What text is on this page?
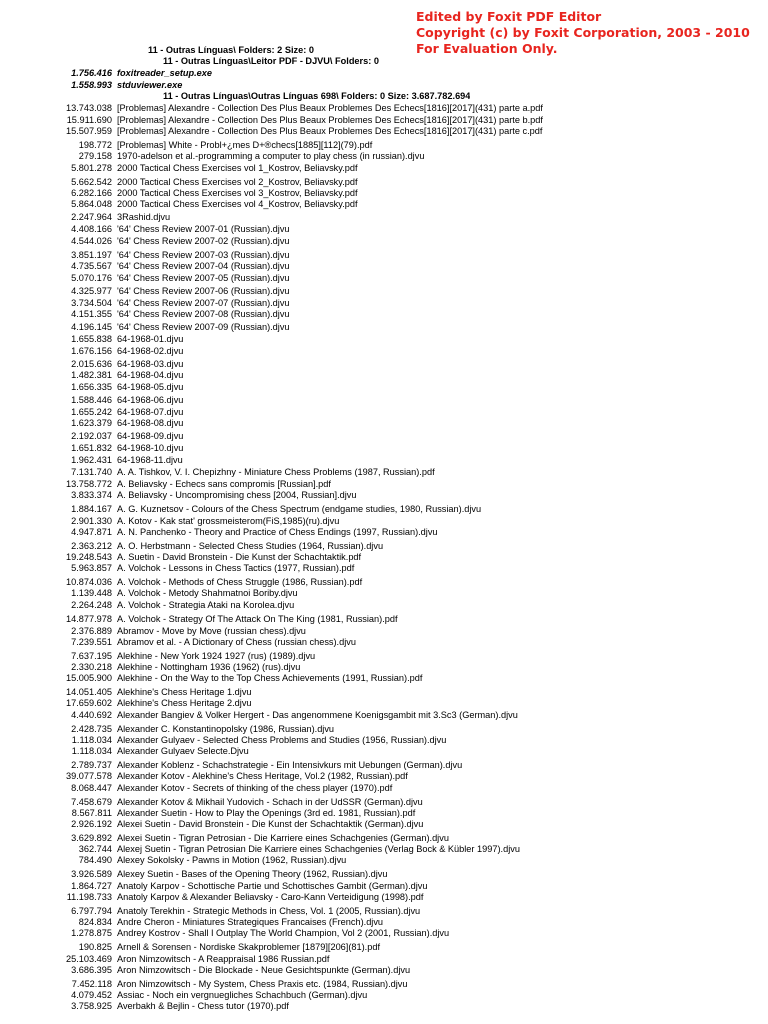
Edited by Foxit PDF Editor
Copyright (c) by Foxit Corporation, 2003 - 2010
For Evaluation Only.
11 - Outras Línguas\ Folders: 2 Size: 0
11 - Outras Línguas\Leitor PDF - DJVU\ Folders: 0
11 - Outras Línguas\Outras Línguas 698\ Folders: 0 Size: 3.687.782.694
1.756.416 foxitreader_setup.exe
1.558.993 stduviewer.exe
13.743.038 [Problemas] Alexandre - Collection Des Plus Beaux Problemes Des Echecs[1816][2017](431) parte a.pdf
15.911.690 [Problemas] Alexandre - Collection Des Plus Beaux Problemes Des Echecs[1816][2017](431) parte b.pdf
15.507.959 [Problemas] Alexandre - Collection Des Plus Beaux Problemes Des Echecs[1816][2017](431) parte c.pdf
198.772 [Problemas] White - Probl+¿mes D+®checs[1885][112](79).pdf
279.158 1970-adelson et al.-programming a computer to play chess (in russian).djvu
5.801.278 2000 Tactical Chess Exercises vol 1_Kostrov, Beliavsky.pdf
5.662.542 2000 Tactical Chess Exercises vol 2_Kostrov, Beliavsky.pdf
6.282.166 2000 Tactical Chess Exercises vol 3_Kostrov, Beliavsky.pdf
5.864.048 2000 Tactical Chess Exercises vol 4_Kostrov, Beliavsky.pdf
2.247.964 3Rashid.djvu
4.408.166 '64' Chess Review 2007-01 (Russian).djvu
4.544.026 '64' Chess Review 2007-02 (Russian).djvu
3.851.197 '64' Chess Review 2007-03 (Russian).djvu
4.735.567 '64' Chess Review 2007-04 (Russian).djvu
5.070.176 '64' Chess Review 2007-05 (Russian).djvu
4.325.977 '64' Chess Review 2007-06 (Russian).djvu
3.734.504 '64' Chess Review 2007-07 (Russian).djvu
4.151.355 '64' Chess Review 2007-08 (Russian).djvu
4.196.145 '64' Chess Review 2007-09 (Russian).djvu
1.655.838 64-1968-01.djvu
1.676.156 64-1968-02.djvu
2.015.636 64-1968-03.djvu
1.482.381 64-1968-04.djvu
1.656.335 64-1968-05.djvu
1.588.446 64-1968-06.djvu
1.655.242 64-1968-07.djvu
1.623.379 64-1968-08.djvu
2.192.037 64-1968-09.djvu
1.651.832 64-1968-10.djvu
1.962.431 64-1968-11.djvu
7.131.740 A. A. Tishkov, V. I. Chepizhny - Miniature Chess Problems (1987, Russian).pdf
13.758.772 A. Beliavsky - Echecs sans compromis [Russian].pdf
3.833.374 A. Beliavsky - Uncompromising chess [2004, Russian].djvu
1.884.167 A. G. Kuznetsov - Colours of the Chess Spectrum (endgame studies, 1980, Russian).djvu
2.901.330 A. Kotov - Kak stat' grossmeisterom(FiS,1985)(ru).djvu
4.947.871 A. N. Panchenko - Theory and Practice of Chess Endings (1997, Russian).djvu
2.363.212 A. O. Herbstmann - Selected Chess Studies (1964, Russian).djvu
19.248.543 A. Suetin - David Bronstein - Die Kunst der Schachtaktik.pdf
5.963.857 A. Volchok - Lessons in Chess Tactics (1977, Russian).pdf
10.874.036 A. Volchok - Methods of Chess Struggle (1986, Russian).pdf
1.139.448 A. Volchok - Metody Shahmatnoi Boriby.djvu
2.264.248 A. Volchok - Strategia Ataki na Korolea.djvu
14.877.978 A. Volchok - Strategy Of The Attack On The King (1981, Russian).pdf
2.376.889 Abramov - Move by Move (russian chess).djvu
7.239.551 Abramov et al. - A Dictionary of Chess (russian chess).djvu
7.637.195 Alekhine - New York 1924 1927 (rus) (1989).djvu
2.330.218 Alekhine - Nottingham 1936 (1962) (rus).djvu
15.005.900 Alekhine - On the Way to the Top Chess Achievements (1991, Russian).pdf
14.051.405 Alekhine's Chess Heritage 1.djvu
17.659.602 Alekhine's Chess Heritage 2.djvu
4.440.692 Alexander Bangiev & Volker Hergert - Das angenommene Koenigsgambit mit 3.Sc3 (German).djvu
2.428.735 Alexander C. Konstantinopolsky (1986, Russian).djvu
1.118.034 Alexander Gulyaev - Selected Chess Problems and Studies (1956, Russian).djvu
1.118.034 Alexander Gulyaev Selecte.Djvu
2.789.737 Alexander Koblenz - Schachstrategie - Ein Intensivkurs mit Uebungen (German).djvu
39.077.578 Alexander Kotov - Alekhine's Chess Heritage, Vol.2 (1982, Russian).pdf
8.068.447 Alexander Kotov - Secrets of thinking of the chess player (1970).pdf
7.458.679 Alexander Kotov & Mikhail Yudovich - Schach in der UdSSR (German).djvu
8.567.811 Alexander Suetin - How to Play the Openings (3rd ed. 1981, Russian).pdf
2.926.192 Alexei Suetin - David Bronstein - Die Kunst der Schachtaktik (German).djvu
3.629.892 Alexei Suetin - Tigran Petrosian - Die Karriere eines Schachgenies (German).djvu
362.744 Alexej Suetin - Tigran Petrosian Die Karriere eines Schachgenies (Verlag Bock & Kübler 1997).djvu
784.490 Alexey Sokolsky - Pawns in Motion (1962, Russian).djvu
3.926.589 Alexey Suetin - Bases of the Opening Theory (1962, Russian).djvu
1.864.727 Anatoly Karpov - Schottische Partie und Schottisches Gambit (German).djvu
11.198.733 Anatoly Karpov & Alexander Beliavsky - Caro-Kann Verteidigung (1998).pdf
6.797.794 Anatoly Terekhin - Strategic Methods in Chess, Vol. 1 (2005, Russian).djvu
824.834 Andre Cheron - Miniatures Strategiques Francaises (French).djvu
1.278.875 Andrey Kostrov - Shall I Outplay The World Champion, Vol 2 (2001, Russian).djvu
190.825 Arnell & Sorensen - Nordiske Skakproblemer [1879][206](81).pdf
25.103.469 Aron Nimzowitsch - A Reappraisal 1986 Russian.pdf
3.686.395 Aron Nimzowitsch - Die Blockade - Neue Gesichtspunkte (German).djvu
7.452.118 Aron Nimzowitsch - My System, Chess Praxis etc. (1984, Russian).djvu
4.079.452 Assiac - Noch ein vergnuegliches Schachbuch (German).djvu
3.758.925 Averbakh & Bejlin - Chess tutor (1970).pdf
